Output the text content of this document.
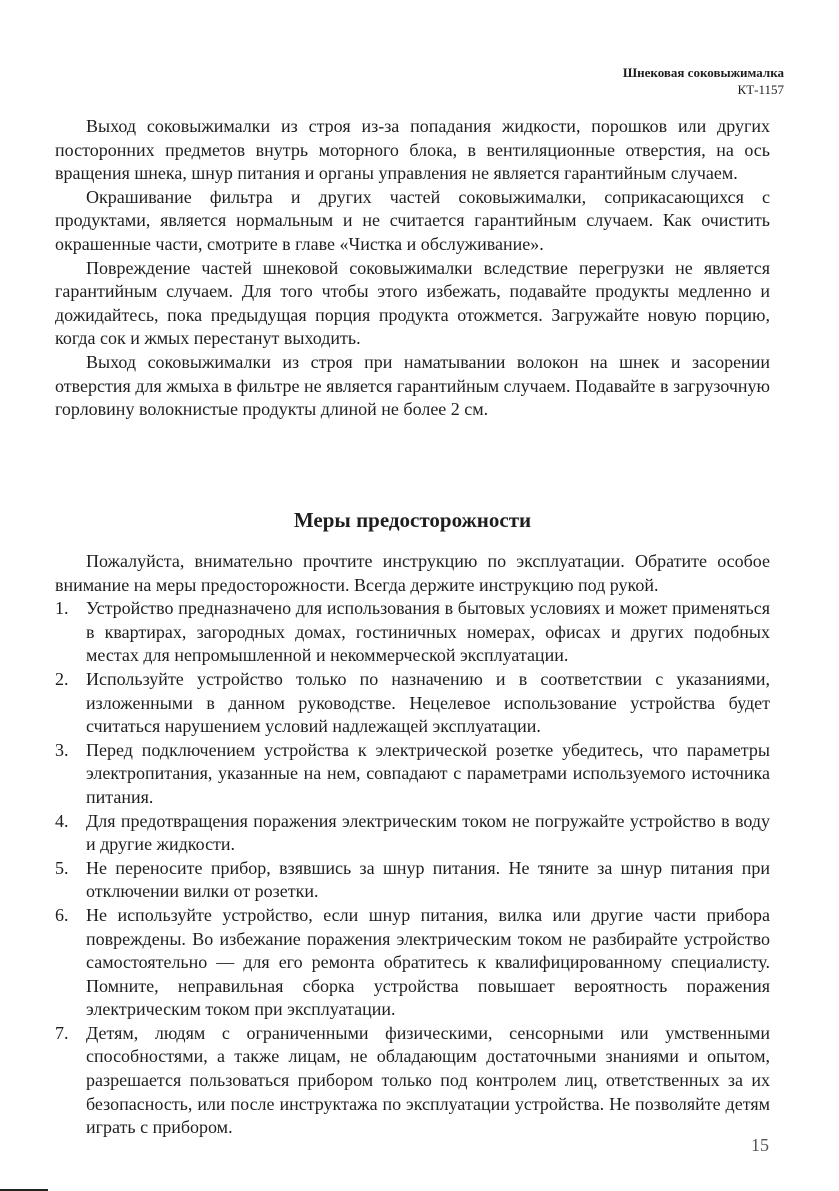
Шнековая соковыжималка
КТ-1157

Выход соковыжималки из строя из-за попадания жидкости, порошков или других посторонних предметов внутрь моторного блока, в вентиляционные отверстия, на ось вращения шнека, шнур питания и органы управления не является гарантийным случаем.

Окрашивание фильтра и других частей соковыжималки, соприкасающихся с продуктами, является нормальным и не считается гарантийным случаем. Как очистить окрашенные части, смотрите в главе «Чистка и обслуживание».

Повреждение частей шнековой соковыжималки вследствие перегрузки не является гарантийным случаем. Для того чтобы этого избежать, подавайте продукты медленно и дожидайтесь, пока предыдущая порция продукта отожмется. Загружайте новую порцию, когда сок и жмых перестанут выходить.

Выход соковыжималки из строя при наматывании волокон на шнек и засорении отверстия для жмыха в фильтре не является гарантийным случаем. Подавайте в загрузочную горловину волокнистые продукты длиной не более 2 см.

Меры предосторожности

Пожалуйста, внимательно прочтите инструкцию по эксплуатации. Обратите особое внимание на меры предосторожности. Всегда держите инструкцию под рукой.

1. Устройство предназначено для использования в бытовых условиях и может применяться в квартирах, загородных домах, гостиничных номерах, офисах и других подобных местах для непромышленной и некоммерческой эксплуатации.
2. Используйте устройство только по назначению и в соответствии с указаниями, изложенными в данном руководстве. Нецелевое использование устройства будет считаться нарушением условий надлежащей эксплуатации.
3. Перед подключением устройства к электрической розетке убедитесь, что параметры электропитания, указанные на нем, совпадают с параметрами используемого источника питания.
4. Для предотвращения поражения электрическим током не погружайте устройство в воду и другие жидкости.
5. Не переносите прибор, взявшись за шнур питания. Не тяните за шнур питания при отключении вилки от розетки.
6. Не используйте устройство, если шнур питания, вилка или другие части прибора повреждены. Во избежание поражения электрическим током не разбирайте устройство самостоятельно — для его ремонта обратитесь к квалифицированному специалисту. Помните, неправильная сборка устройства повышает вероятность поражения электрическим током при эксплуатации.
7. Детям, людям с ограниченными физическими, сенсорными или умственными способностями, а также лицам, не обладающим достаточными знаниями и опытом, разрешается пользоваться прибором только под контролем лиц, ответственных за их безопасность, или после инструктажа по эксплуатации устройства. Не позволяйте детям играть с прибором.
15
